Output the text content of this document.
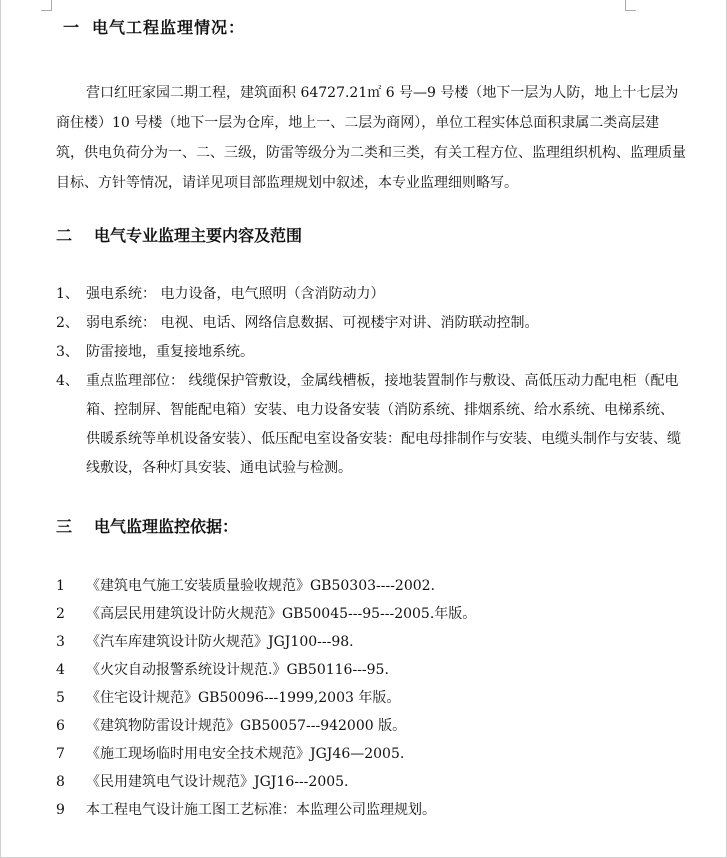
一 电气工程监理情况：

营口红旺家园二期工程，建筑面积 64727.21㎡ 6 号—9 号楼（地下一层为人防，地上十七层为商住楼）10 号楼（地下一层为仓库，地上一、二层为商网），单位工程实体总面积隶属二类高层建筑，供电负荷分为一、二、三级，防雷等级分为二类和三类，有关工程方位、监理组织机构、监理质量目标、方针等情况，请详见项目部监理规划中叙述，本专业监理细则略写。

二 电气专业监理主要内容及范围
1、 强电系统： 电力设备，电气照明（含消防动力）
2、 弱电系统： 电视、电话、网络信息数据、可视楼宇对讲、消防联动控制。
3、 防雷接地，重复接地系统。
4、 重点监理部位： 线缆保护管敷设，金属线槽板，接地装置制作与敷设、高低压动力配电柜（配电箱、控制屏、智能配电箱）安装、电力设备安装（消防系统、排烟系统、给水系统、电梯系统、供暖系统等单机设备安装）、低压配电室设备安装：配电母排制作与安装、电缆头制作与安装、缆线敷设，各种灯具安装、通电试验与检测。
三 电气监理监控依据：
1	《建筑电气施工安装质量验收规范》GB50303----2002.
2	《高层民用建筑设计防火规范》GB50045---95---2005.年版。
3	《汽车库建筑设计防火规范》JGJ100---98.
4	《火灾自动报警系统设计规范.》GB50116---95.
5	《住宅设计规范》GB50096---1999,2003 年版。
6	《建筑物防雷设计规范》GB50057---942000 版。
7	《施工现场临时用电安全技术规范》JGJ46—2005.
8	《民用建筑电气设计规范》JGJ16---2005.
9	本工程电气设计施工图工艺标准：本监理公司监理规划。
